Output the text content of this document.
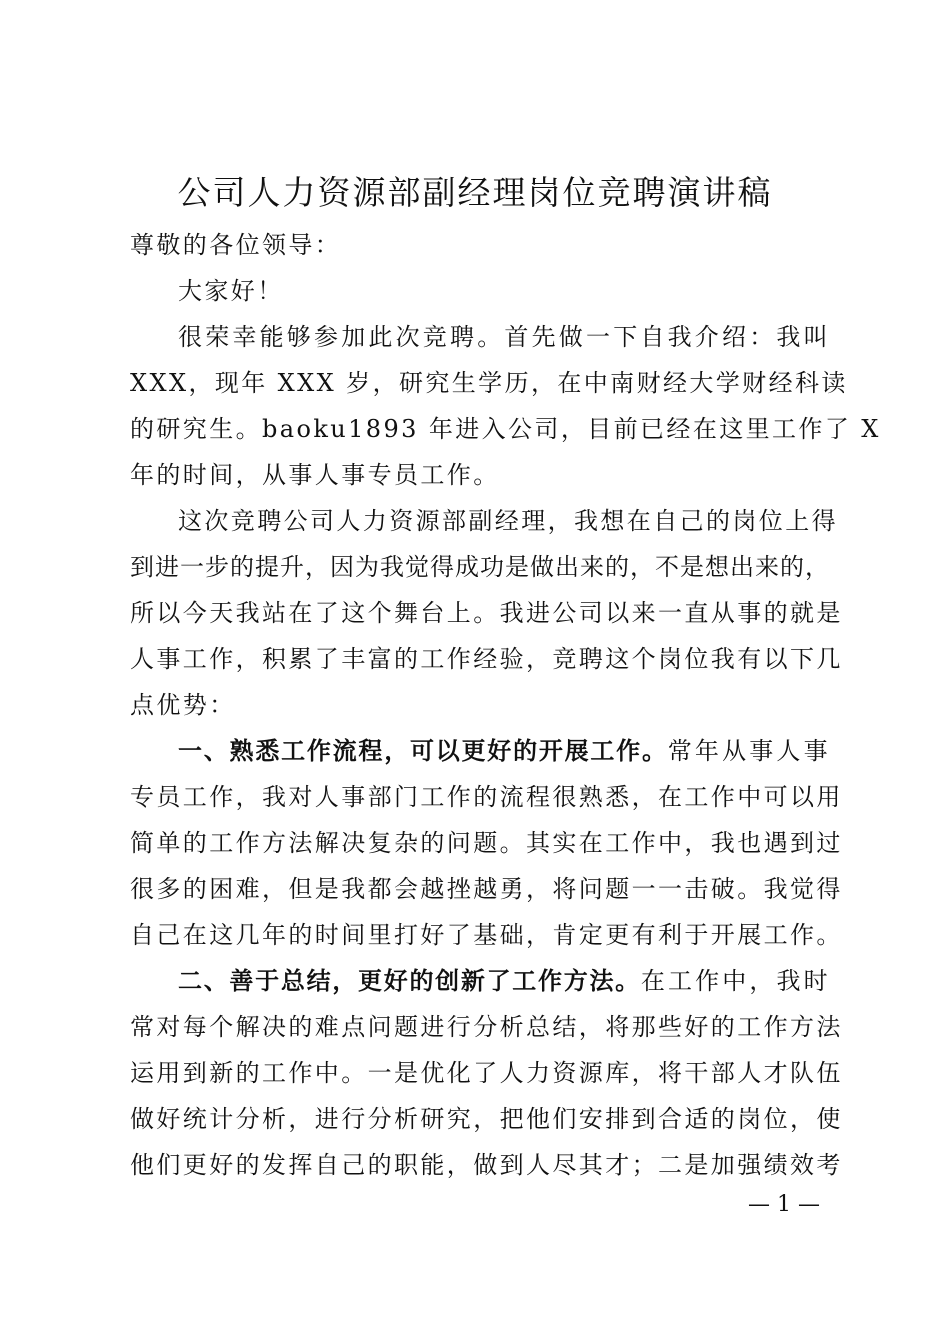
公司人力资源部副经理岗位竞聘演讲稿
尊敬的各位领导：
大家好！
很荣幸能够参加此次竞聘。首先做一下自我介绍：我叫
XXX，现年 XXX 岁，研究生学历，在中南财经大学财经科读
的研究生。baoku1893 年进入公司，目前已经在这里工作了 X
年的时间，从事人事专员工作。
这次竞聘公司人力资源部副经理，我想在自己的岗位上得
到进一步的提升，因为我觉得成功是做出来的，不是想出来的，
所以今天我站在了这个舞台上。我进公司以来一直从事的就是
人事工作，积累了丰富的工作经验，竞聘这个岗位我有以下几
点优势：
一、熟悉工作流程，可以更好的开展工作。常年从事人事
专员工作，我对人事部门工作的流程很熟悉，在工作中可以用
简单的工作方法解决复杂的问题。其实在工作中，我也遇到过
很多的困难，但是我都会越挫越勇，将问题一一击破。我觉得
自己在这几年的时间里打好了基础，肯定更有利于开展工作。
二、善于总结，更好的创新了工作方法。在工作中，我时
常对每个解决的难点问题进行分析总结，将那些好的工作方法
运用到新的工作中。一是优化了人力资源库，将干部人才队伍
做好统计分析，进行分析研究，把他们安排到合适的岗位，使
他们更好的发挥自己的职能，做到人尽其才；二是加强绩效考
— 1 —
